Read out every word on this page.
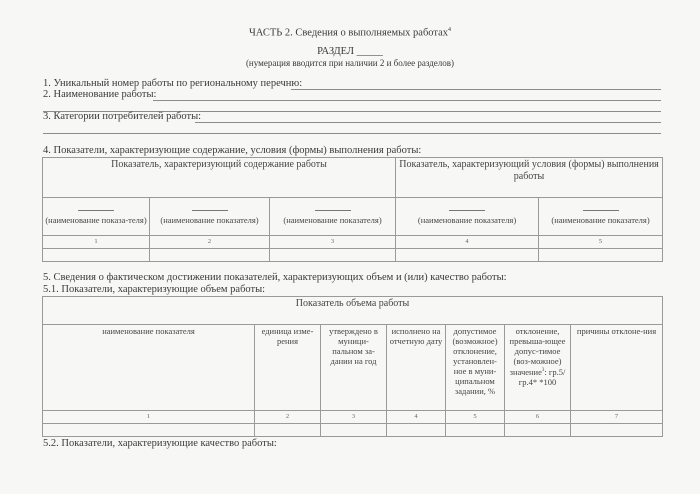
ЧАСТЬ 2. Сведения о выполняемых работах$^4$
РАЗДЕЛ _____
(нумерация вводится при наличии 2 и более разделов)
1. Уникальный номер работы по региональному перечню:
2. Наименование работы:
3. Категории потребителей работы:
4. Показатели, характеризующие содержание, условия (формы) выполнения работы:
Показатель, характеризующий содержание работы			Показатель, характеризующий условия (формы) выполнения работы	

(наименование показа-теля)	(наименование показателя)	(наименование показателя)	(наименование показателя)	(наименование показателя)
1	2	3	4	5

5. Сведения о фактическом достижении показателей, характеризующих объем и (или) качество работы:
5.1. Показатели, характеризующие объем работы:
Показатель объема работы						
наименование показателя	единица изме-рения	утверждено в муници-пальном за-дании на год	исполнено на отчетную дату	допустимое (возможное) отклонение, установлен-ное в муни-ципальном задании, %	отклонение, превыша-ющее допус-тимое (воз-можное) значение$^3$: гр.5/гр.4* *100	причины отклоне-ния
1	2	3	4	5	6	7

5.2. Показатели, характеризующие качество работы:
